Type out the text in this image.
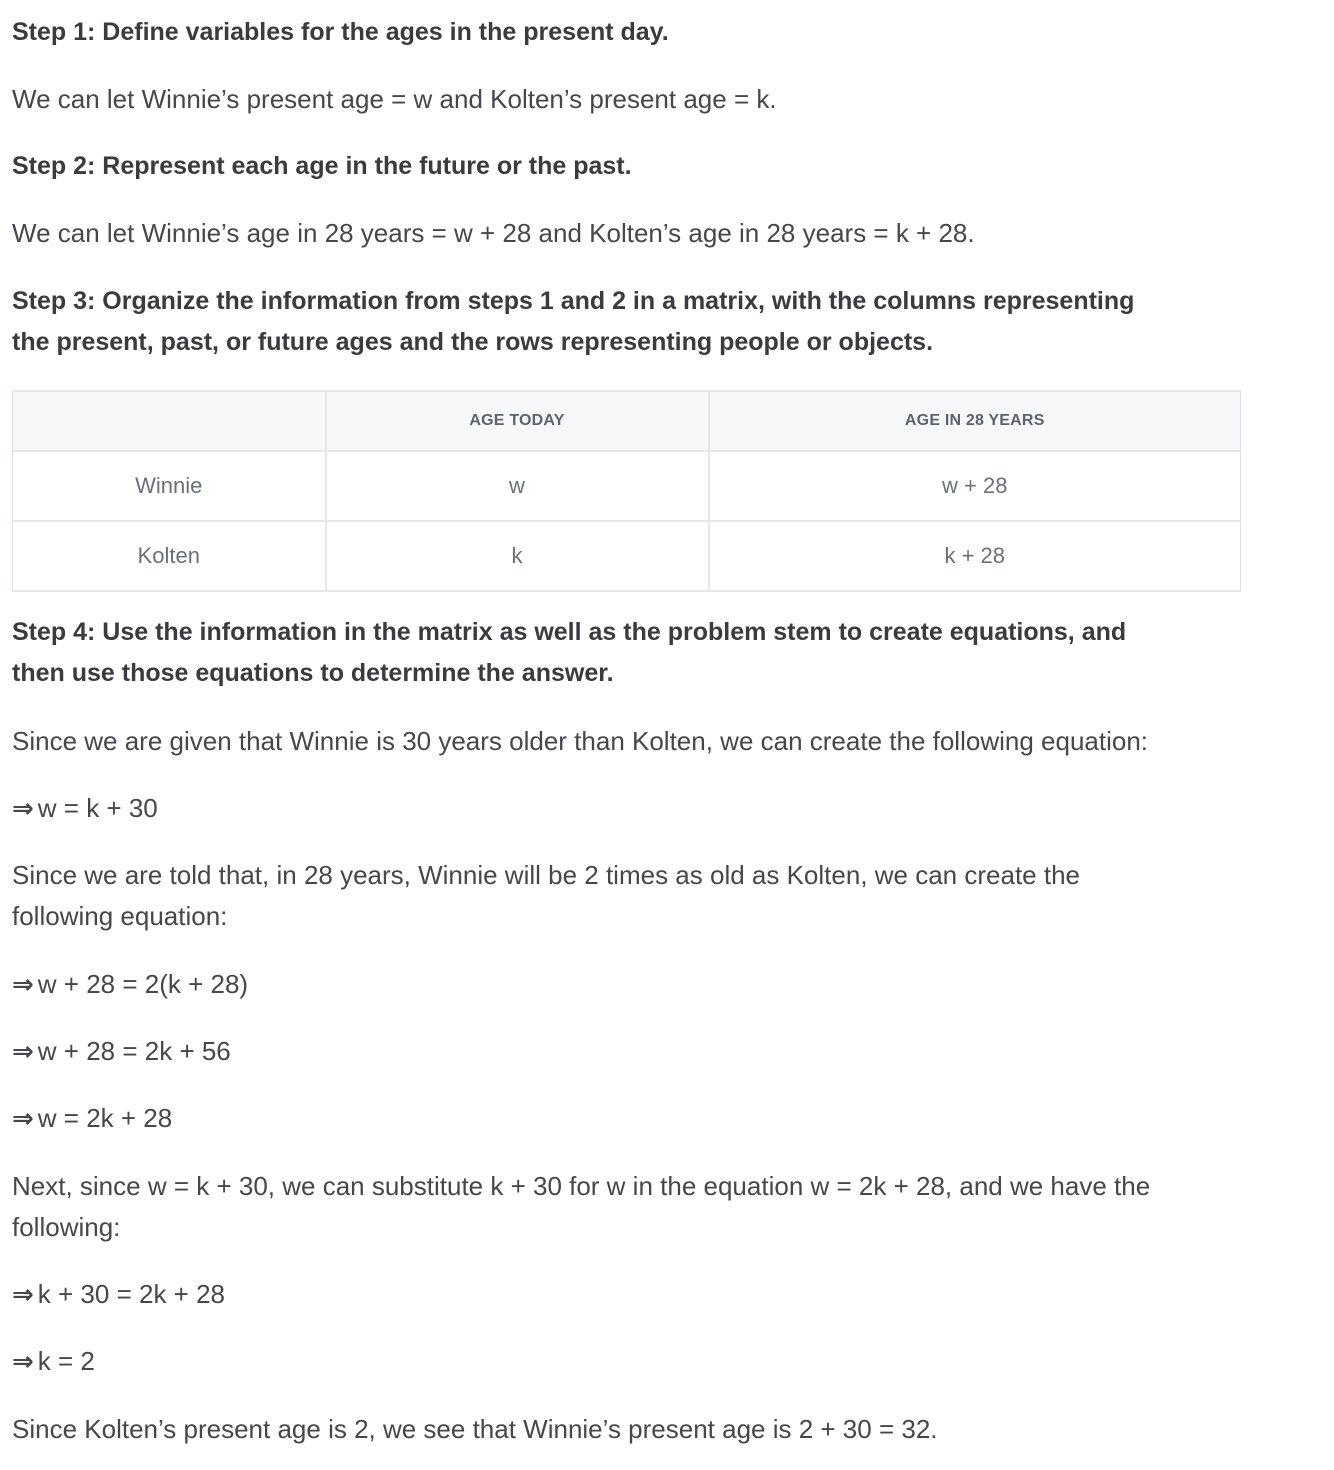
Step 1: Define variables for the ages in the present day.

We can let Winnie’s present age = w and Kolten’s present age = k.

Step 2: Represent each age in the future or the past.

We can let Winnie’s age in 28 years = w + 28 and Kolten’s age in 28 years = k + 28.

Step 3: Organize the information from steps 1 and 2 in a matrix, with the columns representing

the present, past, or future ages and the rows representing people or objects.

	AGE TODAY	AGE IN 28 YEARS
Winnie	w	w + 28
Kolten	k	k + 28

Step 4: Use the information in the matrix as well as the problem stem to create equations, and

then use those equations to determine the answer.

Since we are given that Winnie is 30 years older than Kolten, we can create the following equation:

⇒ w = k + 30

Since we are told that, in 28 years, Winnie will be 2 times as old as Kolten, we can create the

following equation:

⇒ w + 28 = 2(k + 28)

⇒ w + 28 = 2k + 56

⇒ w = 2k + 28

Next, since w = k + 30, we can substitute k + 30 for w in the equation w = 2k + 28, and we have the

following:

⇒ k + 30 = 2k + 28

⇒ k = 2

Since Kolten’s present age is 2, we see that Winnie’s present age is 2 + 30 = 32.
